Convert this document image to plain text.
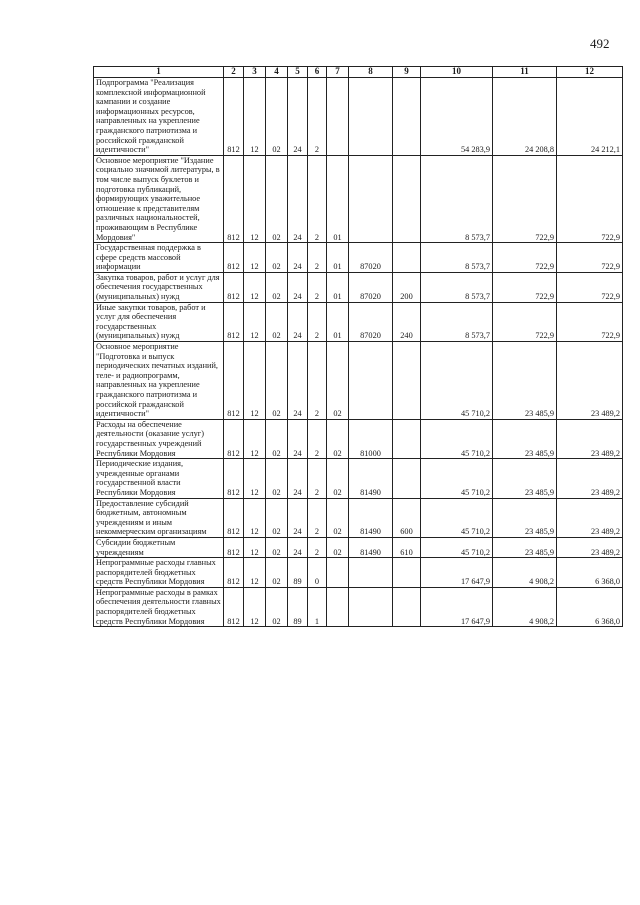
492
1	2	3	4	5	6	7	8	9	10	11	12
Подпрограмма "Реализация комплексной информационной кампании и создание информационных ресурсов, направленных на укрепление гражданского патриотизма и российской гражданской идентичности"	812	12	02	24	2				54 283,9	24 208,8	24 212,1
Основное мероприятие "Издание социально значимой литературы, в том числе выпуск буклетов и подготовка публикаций, формирующих уважительное отношение к представителям различных национальностей, проживающим в Республике Мордовия"	812	12	02	24	2	01			8 573,7	722,9	722,9
Государственная поддержка в сфере средств массовой информации	812	12	02	24	2	01	87020		8 573,7	722,9	722,9
Закупка товаров, работ и услуг для обеспечения государственных (муниципальных) нужд	812	12	02	24	2	01	87020	200	8 573,7	722,9	722,9
Иные закупки товаров, работ и услуг для обеспечения государственных (муниципальных) нужд	812	12	02	24	2	01	87020	240	8 573,7	722,9	722,9
Основное мероприятие "Подготовка и выпуск периодических печатных изданий, теле- и радиопрограмм, направленных на укрепление гражданского патриотизма и российской гражданской идентичности"	812	12	02	24	2	02			45 710,2	23 485,9	23 489,2
Расходы на обеспечение деятельности (оказание услуг) государственных учреждений Республики Мордовия	812	12	02	24	2	02	81000		45 710,2	23 485,9	23 489,2
Периодические издания, учрежденные органами государственной власти Республики Мордовия	812	12	02	24	2	02	81490		45 710,2	23 485,9	23 489,2
Предоставление субсидий бюджетным, автономным учреждениям и иным некоммерческим организациям	812	12	02	24	2	02	81490	600	45 710,2	23 485,9	23 489,2
Субсидии бюджетным учреждениям	812	12	02	24	2	02	81490	610	45 710,2	23 485,9	23 489,2
Непрограммные расходы главных распорядителей бюджетных средств Республики Мордовия	812	12	02	89	0				17 647,9	4 908,2	6 368,0
Непрограммные расходы в рамках обеспечения деятельности главных распорядителей бюджетных средств Республики Мордовия	812	12	02	89	1				17 647,9	4 908,2	6 368,0
